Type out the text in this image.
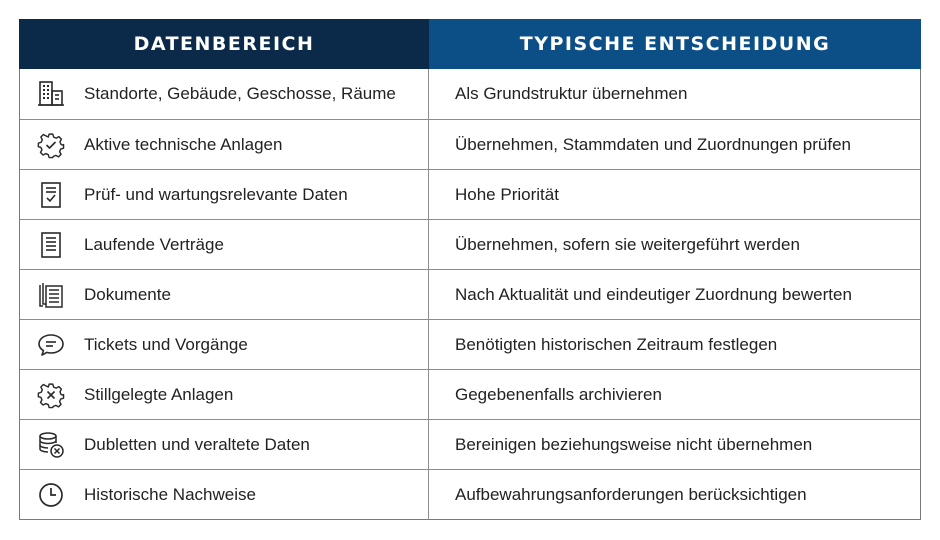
DATENBEREICH	TYPISCHE ENTSCHEIDUNG
Standorte, Gebäude, Geschosse, Räume	Als Grundstruktur übernehmen
Aktive technische Anlagen	Übernehmen, Stammdaten und Zuordnungen prüfen
Prüf- und wartungsrelevante Daten	Hohe Priorität
Laufende Verträge	Übernehmen, sofern sie weitergeführt werden
Dokumente	Nach Aktualität und eindeutiger Zuordnung bewerten
Tickets und Vorgänge	Benötigten historischen Zeitraum festlegen
Stillgelegte Anlagen	Gegebenenfalls archivieren
Dubletten und veraltete Daten	Bereinigen beziehungsweise nicht übernehmen
Historische Nachweise	Aufbewahrungsanforderungen berücksichtigen
